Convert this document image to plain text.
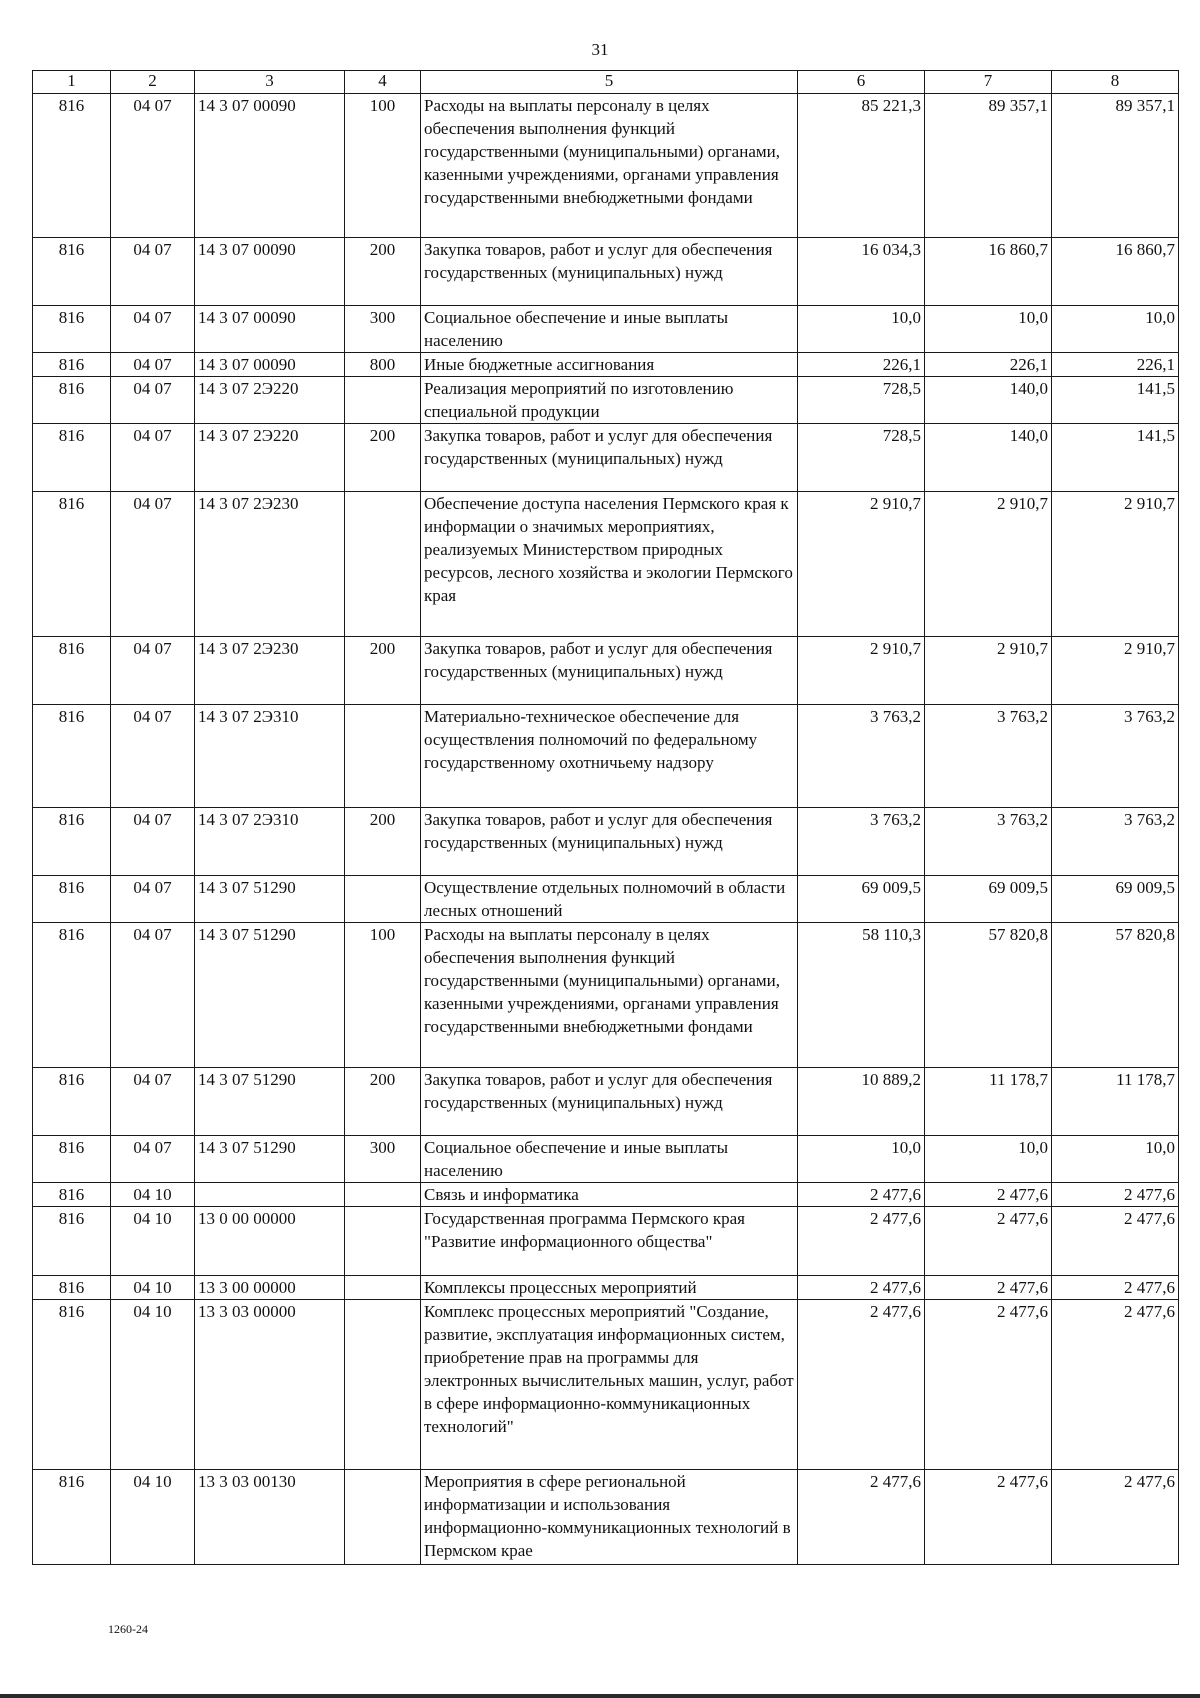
31
1	2	3	4	5	6	7	8
816	04 07	14 3 07 00090	100	Расходы на выплаты персоналу в целях обеспечения выполнения функций государственными (муниципальными) органами, казенными учреждениями, органами управления государственными внебюджетными фондами	85 221,3	89 357,1	89 357,1
816	04 07	14 3 07 00090	200	Закупка товаров, работ и услуг для обеспечения государственных (муниципальных) нужд	16 034,3	16 860,7	16 860,7
816	04 07	14 3 07 00090	300	Социальное обеспечение и иные выплаты населению	10,0	10,0	10,0
816	04 07	14 3 07 00090	800	Иные бюджетные ассигнования	226,1	226,1	226,1
816	04 07	14 3 07 2Э220		Реализация мероприятий по изготовлению специальной продукции	728,5	140,0	141,5
816	04 07	14 3 07 2Э220	200	Закупка товаров, работ и услуг для обеспечения государственных (муниципальных) нужд	728,5	140,0	141,5
816	04 07	14 3 07 2Э230		Обеспечение доступа населения Пермского края к информации о значимых мероприятиях, реализуемых Министерством природных ресурсов, лесного хозяйства и экологии Пермского края	2 910,7	2 910,7	2 910,7
816	04 07	14 3 07 2Э230	200	Закупка товаров, работ и услуг для обеспечения государственных (муниципальных) нужд	2 910,7	2 910,7	2 910,7
816	04 07	14 3 07 2Э310		Материально-техническое обеспечение для осуществления полномочий по федеральному государственному охотничьему надзору	3 763,2	3 763,2	3 763,2
816	04 07	14 3 07 2Э310	200	Закупка товаров, работ и услуг для обеспечения государственных (муниципальных) нужд	3 763,2	3 763,2	3 763,2
816	04 07	14 3 07 51290		Осуществление отдельных полномочий в области лесных отношений	69 009,5	69 009,5	69 009,5
816	04 07	14 3 07 51290	100	Расходы на выплаты персоналу в целях обеспечения выполнения функций государственными (муниципальными) органами, казенными учреждениями, органами управления государственными внебюджетными фондами	58 110,3	57 820,8	57 820,8
816	04 07	14 3 07 51290	200	Закупка товаров, работ и услуг для обеспечения государственных (муниципальных) нужд	10 889,2	11 178,7	11 178,7
816	04 07	14 3 07 51290	300	Социальное обеспечение и иные выплаты населению	10,0	10,0	10,0
816	04 10			Связь и информатика	2 477,6	2 477,6	2 477,6
816	04 10	13 0 00 00000		Государственная программа Пермского края "Развитие информационного общества"	2 477,6	2 477,6	2 477,6
816	04 10	13 3 00 00000		Комплексы процессных мероприятий	2 477,6	2 477,6	2 477,6
816	04 10	13 3 03 00000		Комплекс процессных мероприятий "Создание, развитие, эксплуатация информационных систем, приобретение прав на программы для электронных вычислительных машин, услуг, работ в сфере информационно-коммуникационных технологий"	2 477,6	2 477,6	2 477,6
816	04 10	13 3 03 00130		Мероприятия в сфере региональной информатизации и использования информационно-коммуникационных технологий в Пермском крае	2 477,6	2 477,6	2 477,6
1260-24
